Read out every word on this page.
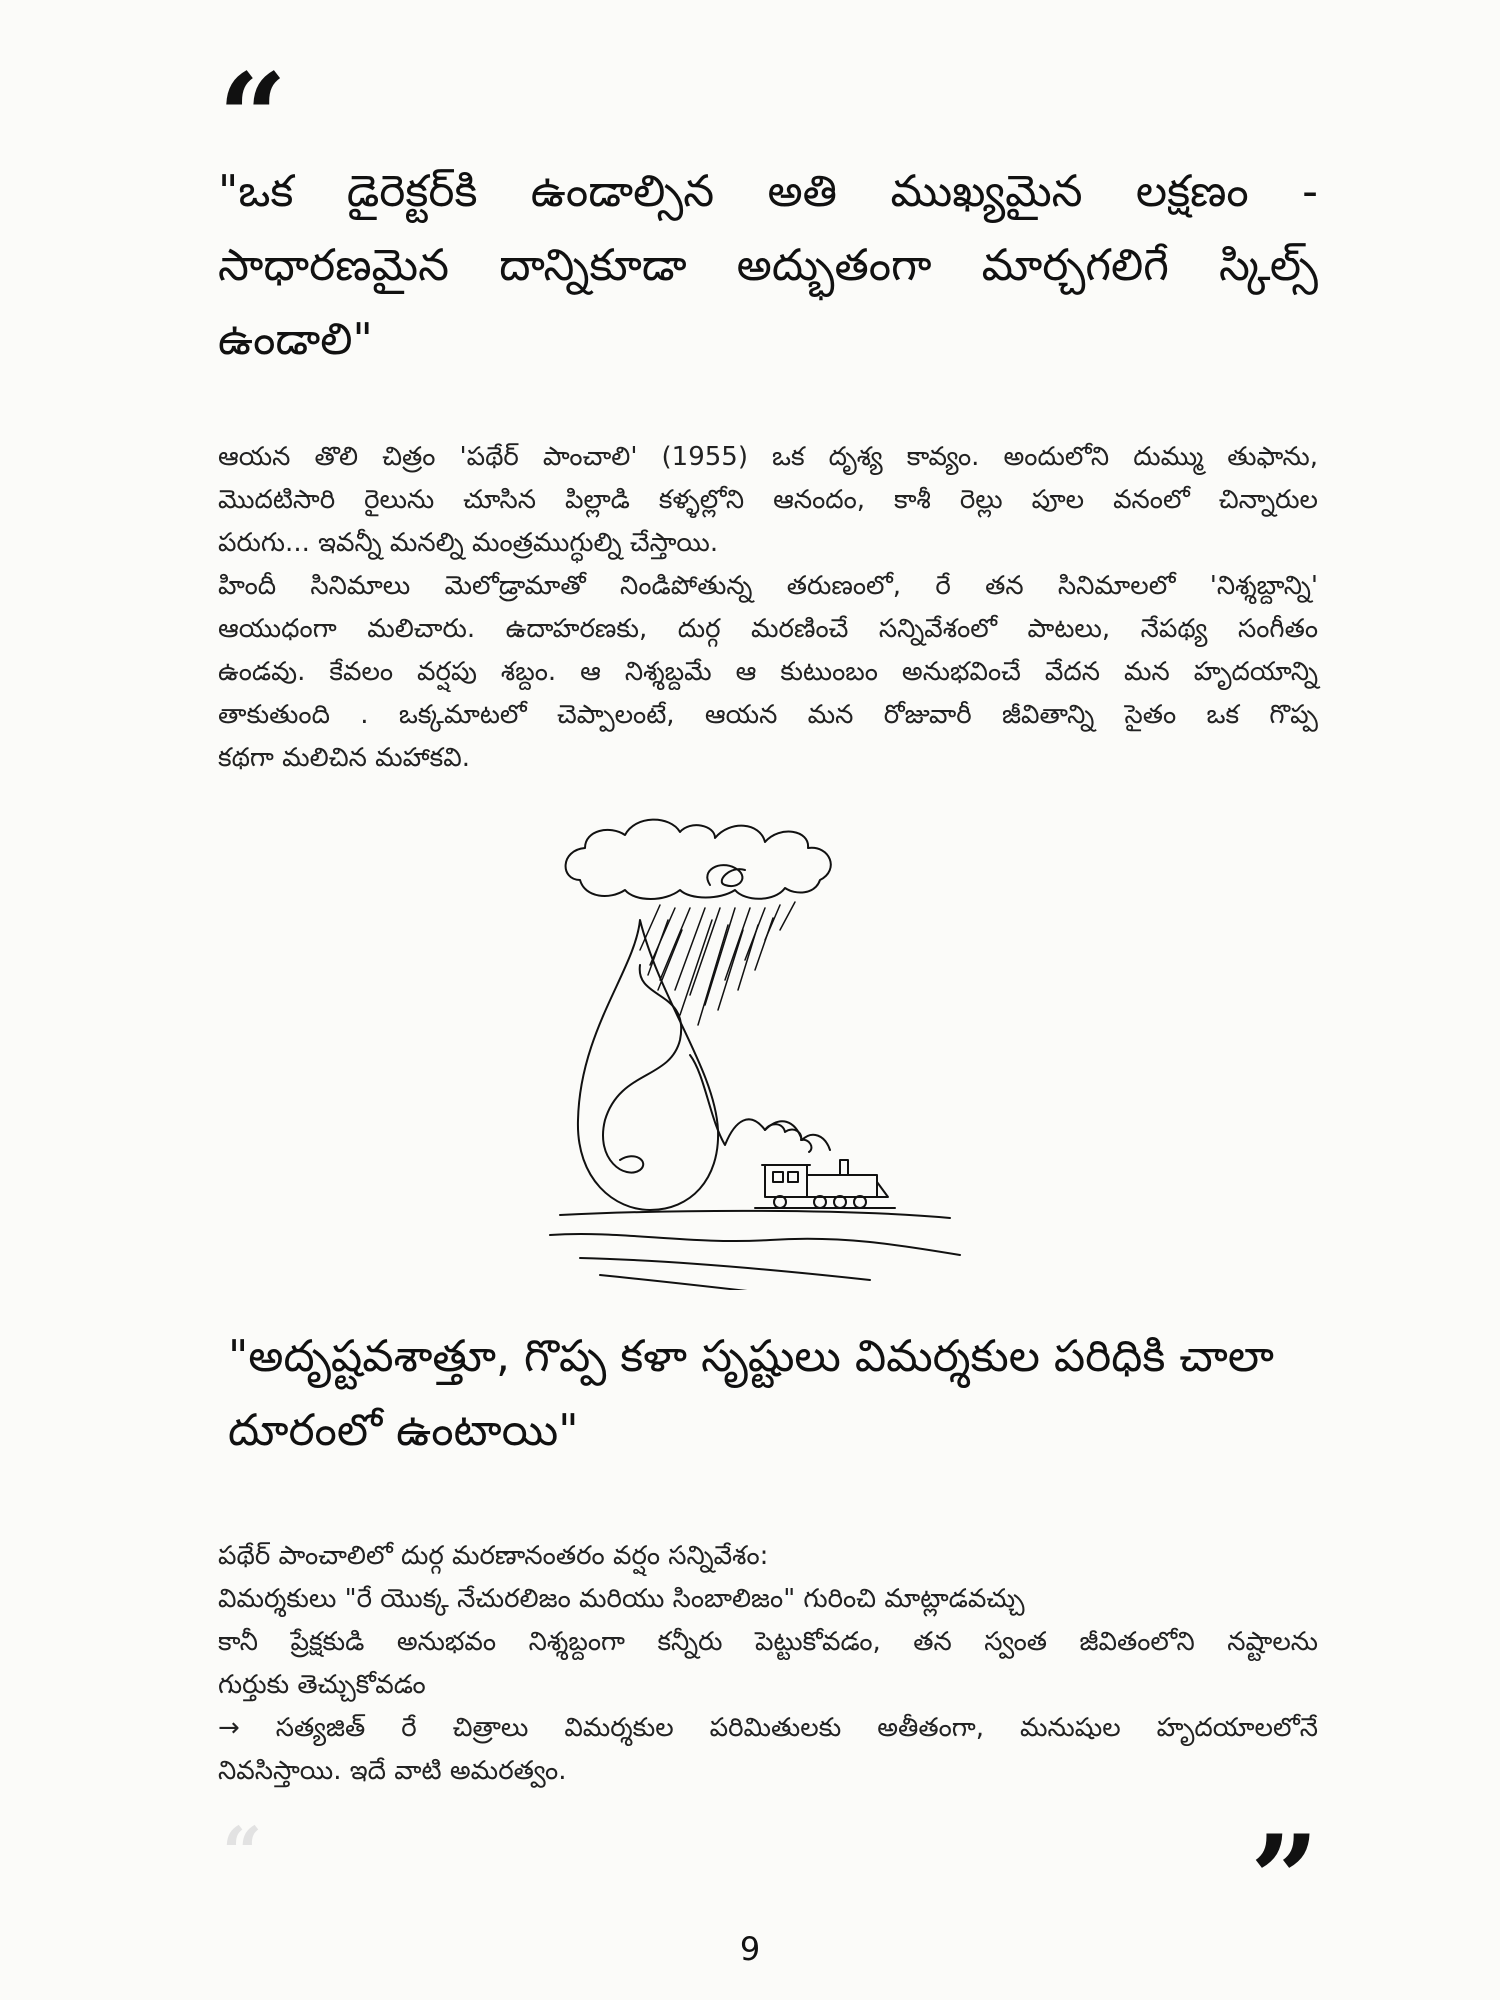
“
"ఒక డైరెక్టర్‌కి ఉండాల్సిన అతి ముఖ్యమైన లక్షణం -
సాధారణమైన దాన్నికూడా అద్భుతంగా మార్చగలిగే స్కిల్స్
ఉండాలి"
ఆయన తొలి చిత్రం 'పథేర్ పాంచాలి' (1955) ఒక దృశ్య కావ్యం. అందులోని దుమ్ము తుఫాను,
మొదటిసారి రైలును చూసిన పిల్లాడి కళ్ళల్లోని ఆనందం, కాశీ రెల్లు పూల వనంలో చిన్నారుల
పరుగు... ఇవన్నీ మనల్ని మంత్రముగ్ధుల్ని చేస్తాయి.
హిందీ సినిమాలు మెలోడ్రామాతో నిండిపోతున్న తరుణంలో, రే తన సినిమాలలో 'నిశ్శబ్దాన్ని'
ఆయుధంగా మలిచారు. ఉదాహరణకు, దుర్గ మరణించే సన్నివేశంలో పాటలు, నేపథ్య సంగీతం
ఉండవు. కేవలం వర్షపు శబ్దం. ఆ నిశ్శబ్దమే ఆ కుటుంబం అనుభవించే వేదన మన హృదయాన్ని
తాకుతుంది . ఒక్కమాటలో చెప్పాలంటే, ఆయన మన రోజువారీ జీవితాన్ని సైతం ఒక గొప్ప
కథగా మలిచిన మహాకవి.
"అదృష్టవశాత్తూ, గొప్ప కళా సృష్టులు విమర్శకుల పరిధికి చాలా
దూరంలో ఉంటాయి"
పథేర్ పాంచాలిలో దుర్గ మరణానంతరం వర్షం సన్నివేశం:
విమర్శకులు "రే యొక్క నేచురలిజం మరియు సింబాలిజం" గురించి మాట్లాడవచ్చు
కానీ ప్రేక్షకుడి అనుభవం నిశ్శబ్దంగా కన్నీరు పెట్టుకోవడం, తన స్వంత జీవితంలోని నష్టాలను
గుర్తుకు తెచ్చుకోవడం
→ సత్యజిత్ రే చిత్రాలు విమర్శకుల పరిమితులకు అతీతంగా, మనుషుల హృదయాలలోనే
నివసిస్తాయి. ఇదే వాటి అమరత్వం.
“	”
9
